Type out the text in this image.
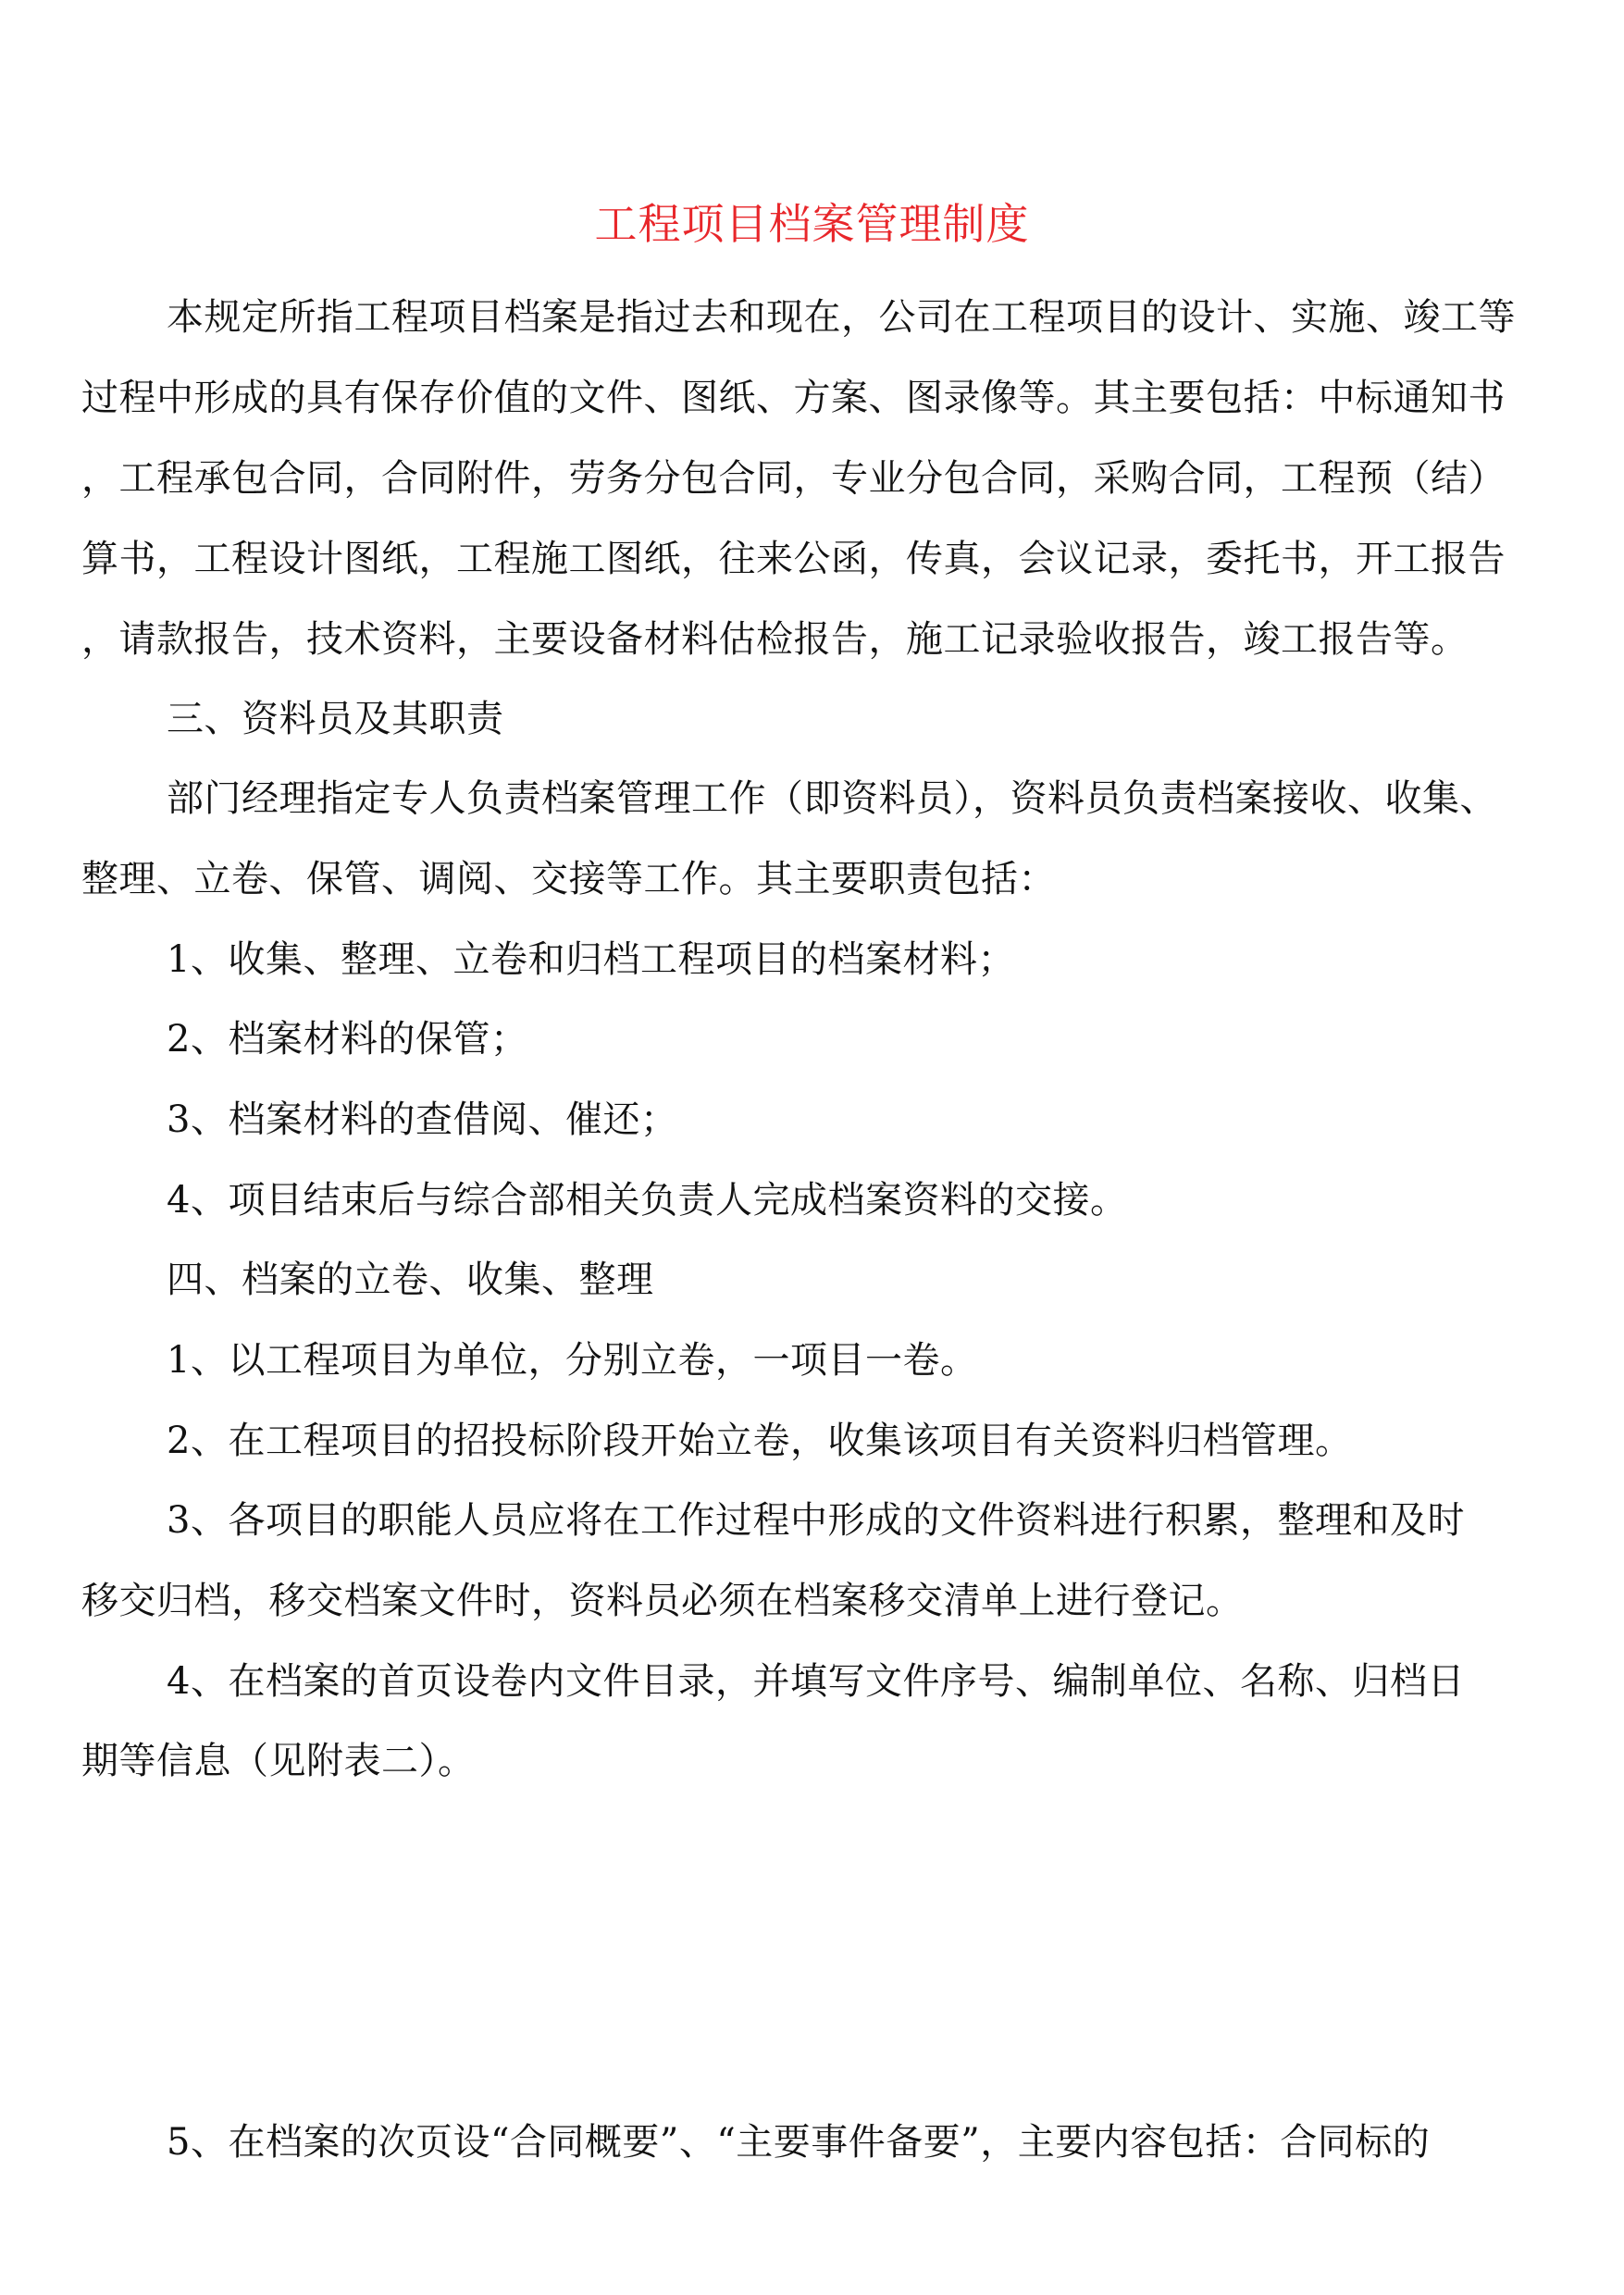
工程项目档案管理制度
本规定所指工程项目档案是指过去和现在，公司在工程项目的设计、实施、竣工等
过程中形成的具有保存价值的文件、图纸、方案、图录像等。其主要包括：中标通知书
，工程承包合同，合同附件，劳务分包合同，专业分包合同，采购合同，工程预（结）
算书，工程设计图纸，工程施工图纸，往来公函，传真，会议记录，委托书，开工报告
，请款报告，技术资料，主要设备材料估检报告，施工记录验收报告，竣工报告等。
三、资料员及其职责
部门经理指定专人负责档案管理工作（即资料员），资料员负责档案接收、收集、
整理、立卷、保管、调阅、交接等工作。其主要职责包括：
1、收集、整理、立卷和归档工程项目的档案材料；
2、档案材料的保管；
3、档案材料的查借阅、催还；
4、项目结束后与综合部相关负责人完成档案资料的交接。
四、档案的立卷、收集、整理
1、以工程项目为单位，分别立卷，一项目一卷。
2、在工程项目的招投标阶段开始立卷，收集该项目有关资料归档管理。
3、各项目的职能人员应将在工作过程中形成的文件资料进行积累，整理和及时
移交归档，移交档案文件时，资料员必须在档案移交清单上进行登记。
4、在档案的首页设卷内文件目录，并填写文件序号、编制单位、名称、归档日
期等信息（见附表二）。
5、在档案的次页设“合同概要”、“主要事件备要”，主要内容包括：合同标的
